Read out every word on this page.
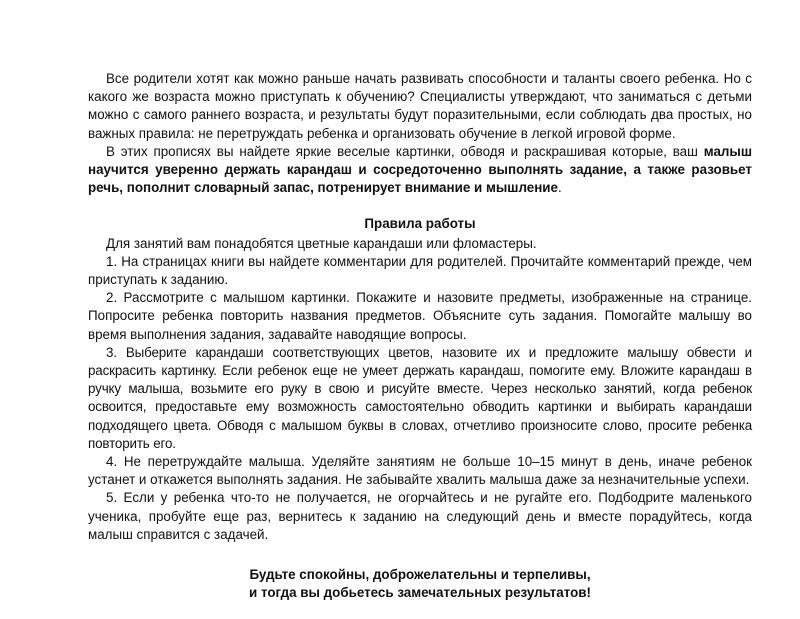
Все родители хотят как можно раньше начать развивать способности и таланты своего ребенка. Но с какого же возраста можно приступать к обучению? Специалисты утверждают, что заниматься с детьми можно с самого раннего возраста, и результаты будут поразительными, если соблюдать два простых, но важных правила: не перетруждать ребенка и организовать обучение в легкой игровой форме.

В этих прописях вы найдете яркие веселые картинки, обводя и раскрашивая которые, ваш малыш научится уверенно держать карандаш и сосредоточенно выполнять задание, а также разовьет речь, пополнит словарный запас, потренирует внимание и мышление.

Правила работы

Для занятий вам понадобятся цветные карандаши или фломастеры.

1. На страницах книги вы найдете комментарии для родителей. Прочитайте комментарий прежде, чем приступать к заданию.

2. Рассмотрите с малышом картинки. Покажите и назовите предметы, изображенные на странице. Попросите ребенка повторить названия предметов. Объясните суть задания. Помогайте малышу во время выполнения задания, задавайте наводящие вопросы.

3. Выберите карандаши соответствующих цветов, назовите их и предложите малышу обвести и раскрасить картинку. Если ребенок еще не умеет держать карандаш, помогите ему. Вложите карандаш в ручку малыша, возьмите его руку в свою и рисуйте вместе. Через несколько занятий, когда ребенок освоится, предоставьте ему возможность самостоятельно обводить картинки и выбирать карандаши подходящего цвета. Обводя с малышом буквы в словах, отчетливо произносите слово, просите ребенка повторить его.

4. Не перетруждайте малыша. Уделяйте занятиям не больше 10–15 минут в день, иначе ребенок устанет и откажется выполнять задания. Не забывайте хвалить малыша даже за незначительные успехи.

5. Если у ребенка что-то не получается, не огорчайтесь и не ругайте его. Подбодрите маленького ученика, пробуйте еще раз, вернитесь к заданию на следующий день и вместе порадуйтесь, когда малыш справится с задачей.

Будьте спокойны, доброжелательны и терпеливы,
и тогда вы добьетесь замечательных результатов!
